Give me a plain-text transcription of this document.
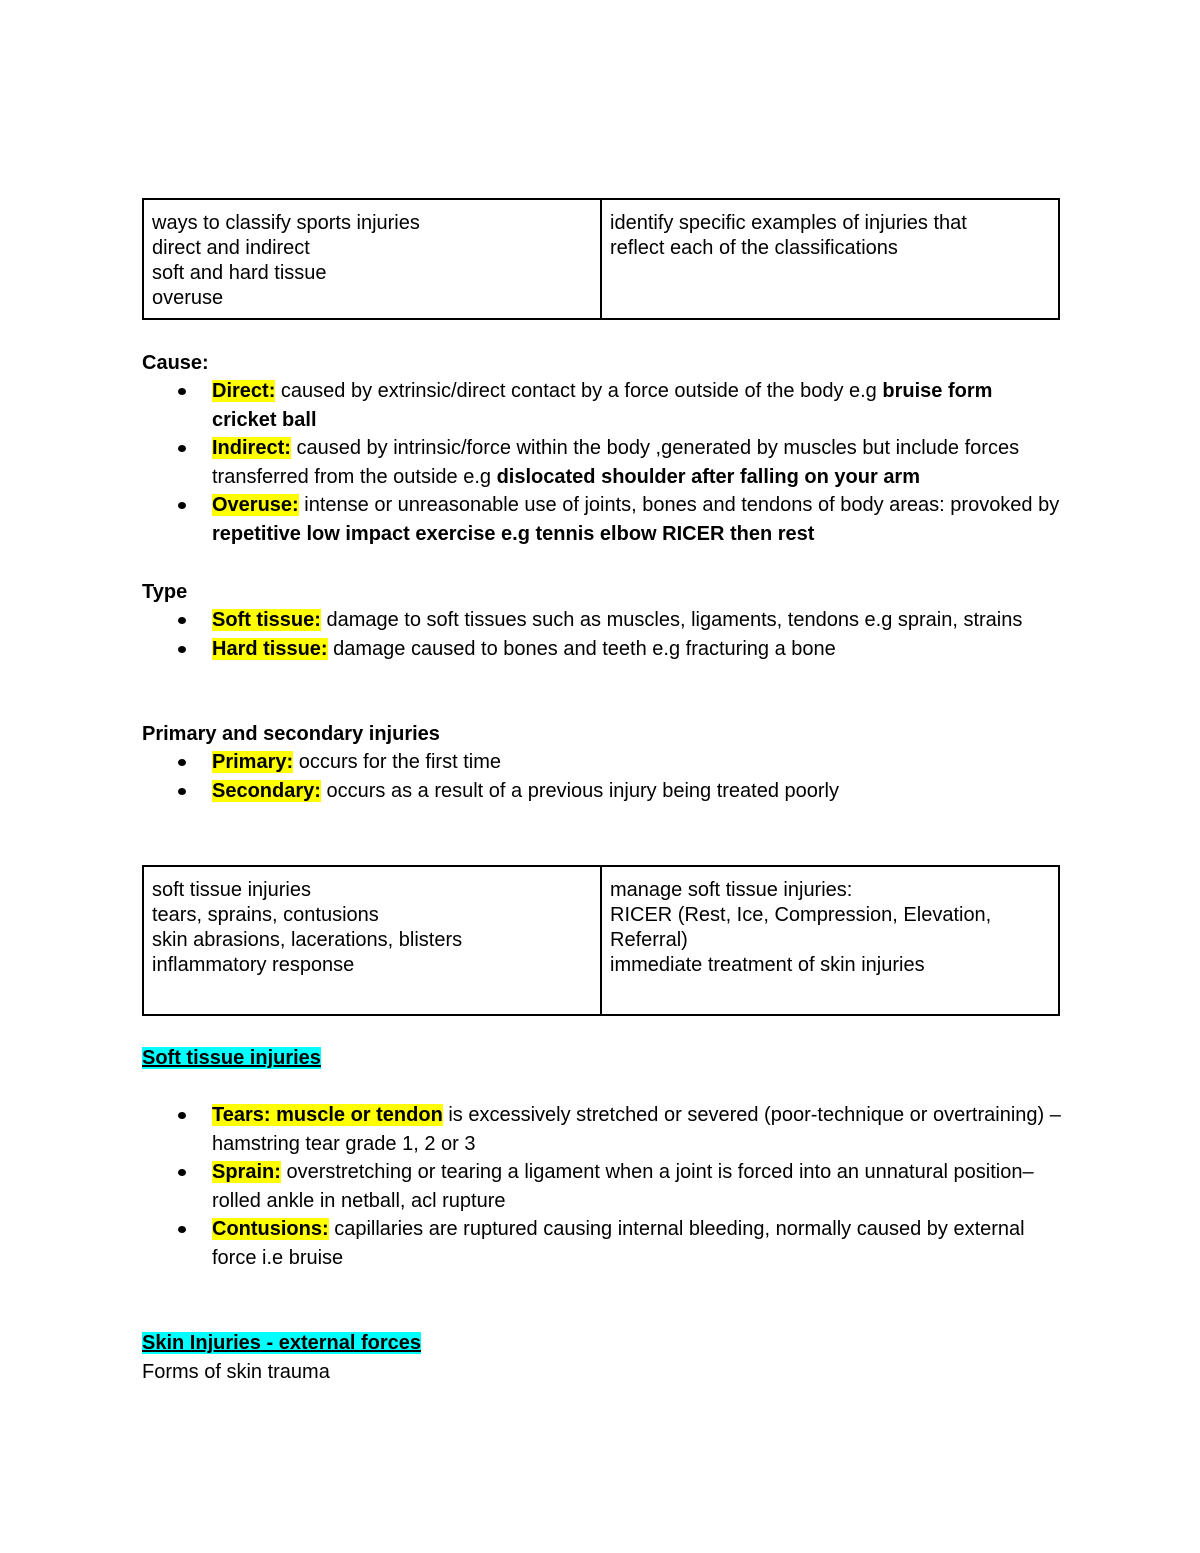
ways to classify sports injuries
direct and indirect
soft and hard tissue
overuse
identify specific examples of injuries that
reflect each of the classifications
Cause:
Direct: caused by extrinsic/direct contact by a force outside of the body e.g bruise form cricket ball
Indirect: caused by intrinsic/force within the body ,generated by muscles but include forces transferred from the outside e.g dislocated shoulder after falling on your arm
Overuse: intense or unreasonable use of joints, bones and tendons of body areas: provoked by repetitive low impact exercise e.g tennis elbow RICER then rest
Type
Soft tissue: damage to soft tissues such as muscles, ligaments, tendons e.g sprain, strains
Hard tissue: damage caused to bones and teeth e.g fracturing a bone
Primary and secondary injuries
Primary: occurs for the first time
Secondary: occurs as a result of a previous injury being treated poorly
soft tissue injuries
tears, sprains, contusions
skin abrasions, lacerations, blisters
inflammatory response
manage soft tissue injuries:
RICER (Rest, Ice, Compression, Elevation,
Referral)
immediate treatment of skin injuries
Soft tissue injuries
Tears: muscle or tendon is excessively stretched or severed (poor-technique or overtraining) – hamstring tear grade 1, 2 or 3
Sprain: overstretching or tearing a ligament when a joint is forced into an unnatural position– rolled ankle in netball, acl rupture
Contusions: capillaries are ruptured causing internal bleeding, normally caused by external force i.e bruise
Skin Injuries - external forces
Forms of skin trauma
